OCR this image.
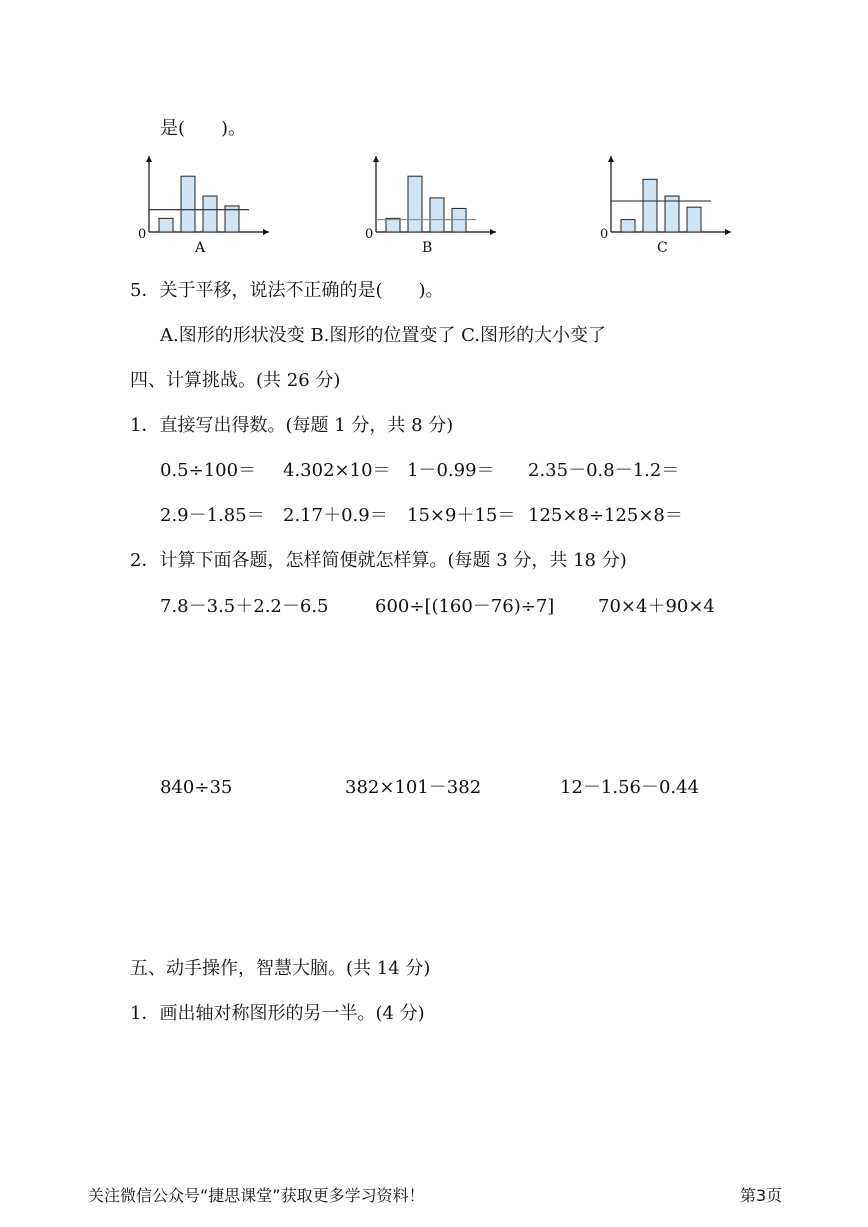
是(　　)。
0
A
0
B
0
C
5．关于平移，说法不正确的是(　　)。
A.图形的形状没变 B.图形的位置变了 C.图形的大小变了
四、计算挑战。(共 26 分)
1．直接写出得数。(每题 1 分，共 8 分)
0.5÷100＝ 4.302×10＝ 1－0.99＝ 2.35－0.8－1.2＝
2.9－1.85＝ 2.17＋0.9＝ 15×9＋15＝ 125×8÷125×8＝
2．计算下面各题，怎样简便就怎样算。(每题 3 分，共 18 分)
7.8－3.5＋2.2－6.5	600÷[(160－76)÷7] 70×4＋90×4
840÷35	382×101－382	12－1.56－0.44
五、动手操作，智慧大脑。(共 14 分)
1．画出轴对称图形的另一半。(4 分)
关注微信公众号“捷思课堂”获取更多学习资料！	第3页
